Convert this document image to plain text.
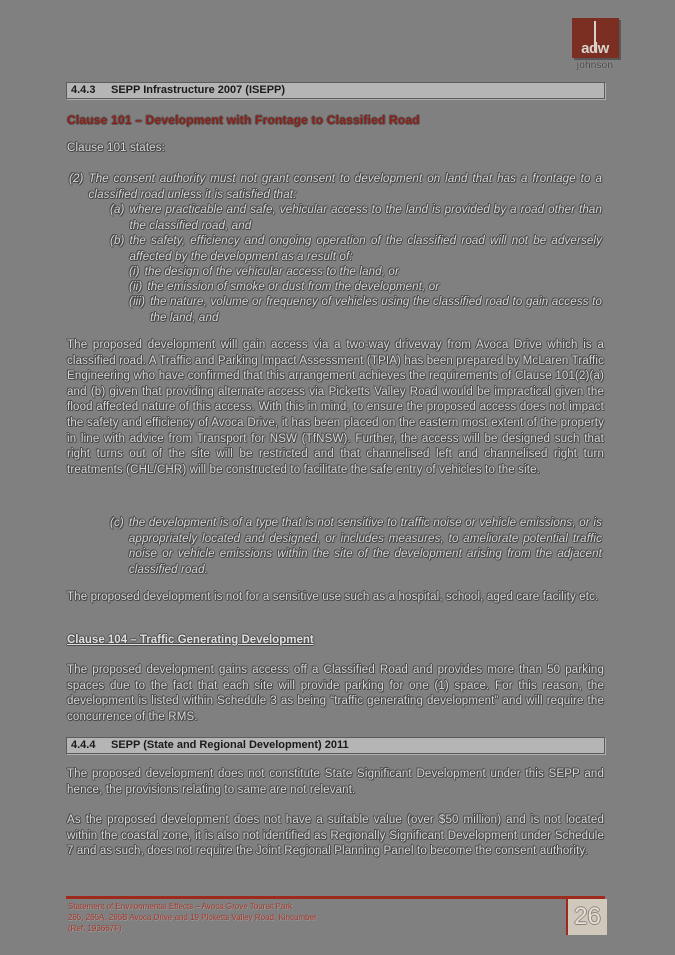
adw
johnson
4.4.3 SEPP Infrastructure 2007 (ISEPP)
Clause 101 – Development with Frontage to Classified Road
Clause 101 states:
(2) The consent authority must not grant consent to development on land that has a frontage to a classified road unless it is satisfied that:
(a) where practicable and safe, vehicular access to the land is provided by a road other than the classified road, and
(b) the safety, efficiency and ongoing operation of the classified road will not be adversely affected by the development as a result of:
(i) the design of the vehicular access to the land, or
(ii) the emission of smoke or dust from the development, or
(iii) the nature, volume or frequency of vehicles using the classified road to gain access to the land, and
The proposed development will gain access via a two-way driveway from Avoca Drive which is a classified road. A Traffic and Parking Impact Assessment (TPIA) has been prepared by McLaren Traffic Engineering who have confirmed that this arrangement achieves the requirements of Clause 101(2)(a) and (b) given that providing alternate access via Picketts Valley Road would be impractical given the flood affected nature of this access. With this in mind, to ensure the proposed access does not impact the safety and efficiency of Avoca Drive, it has been placed on the eastern most extent of the property in line with advice from Transport for NSW (TfNSW). Further, the access will be designed such that right turns out of the site will be restricted and that channelised left and channelised right turn treatments (CHL/CHR) will be constructed to facilitate the safe entry of vehicles to the site.
(c) the development is of a type that is not sensitive to traffic noise or vehicle emissions, or is appropriately located and designed, or includes measures, to ameliorate potential traffic noise or vehicle emissions within the site of the development arising from the adjacent classified road.
The proposed development is not for a sensitive use such as a hospital, school, aged care facility etc.
Clause 104 – Traffic Generating Development
The proposed development gains access off a Classified Road and provides more than 50 parking spaces due to the fact that each site will provide parking for one (1) space. For this reason, the development is listed within Schedule 3 as being “traffic generating development” and will require the concurrence of the RMS.
4.4.4 SEPP (State and Regional Development) 2011
The proposed development does not constitute State Significant Development under this SEPP and hence, the provisions relating to same are not relevant.
As the proposed development does not have a suitable value (over $50 million) and is not located within the coastal zone, it is also not identified as Regionally Significant Development under Schedule 7 and as such, does not require the Joint Regional Planning Panel to become the consent authority.
Statement of Environmental Effects – Avoca Grove Tourist Park
265, 265A, 265B Avoca Drive and 19 Picketts Valley Road, Kincumber
(Ref: 193667F)	26
